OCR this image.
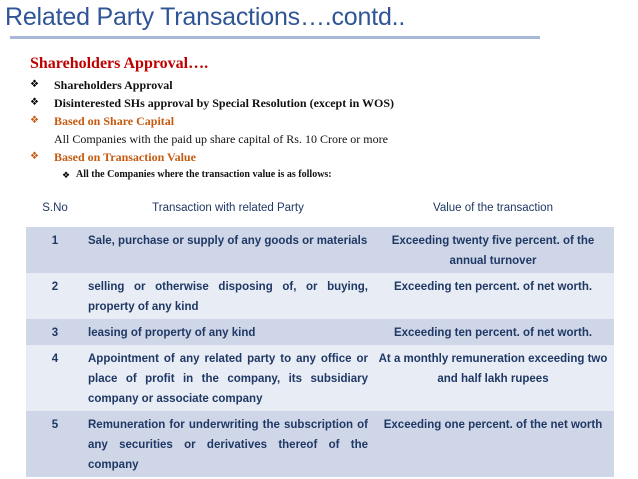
Related Party Transactions….contd..
Shareholders Approval….
❖ Shareholders Approval
❖ Disinterested SHs approval by Special Resolution (except in WOS)
❖ Based on Share Capital
All Companies with the paid up share capital of Rs. 10 Crore or more
❖ Based on Transaction Value
❖ All the Companies where the transaction value is as follows:
S.No	Transaction with related Party	Value of the transaction
1	Sale, purchase or supply of any goods or materials	Exceeding twenty five percent. of the annual turnover
2	selling or otherwise disposing of, or buying, property of any kind	Exceeding ten percent. of net worth.
3	leasing of property of any kind	Exceeding ten percent. of net worth.
4	Appointment of any related party to any office or place of profit in the company, its subsidiary company or associate company	At a monthly remuneration exceeding two and half lakh rupees
5	Remuneration for underwriting the subscription of any securities or derivatives thereof of the company	Exceeding one percent. of the net worth
